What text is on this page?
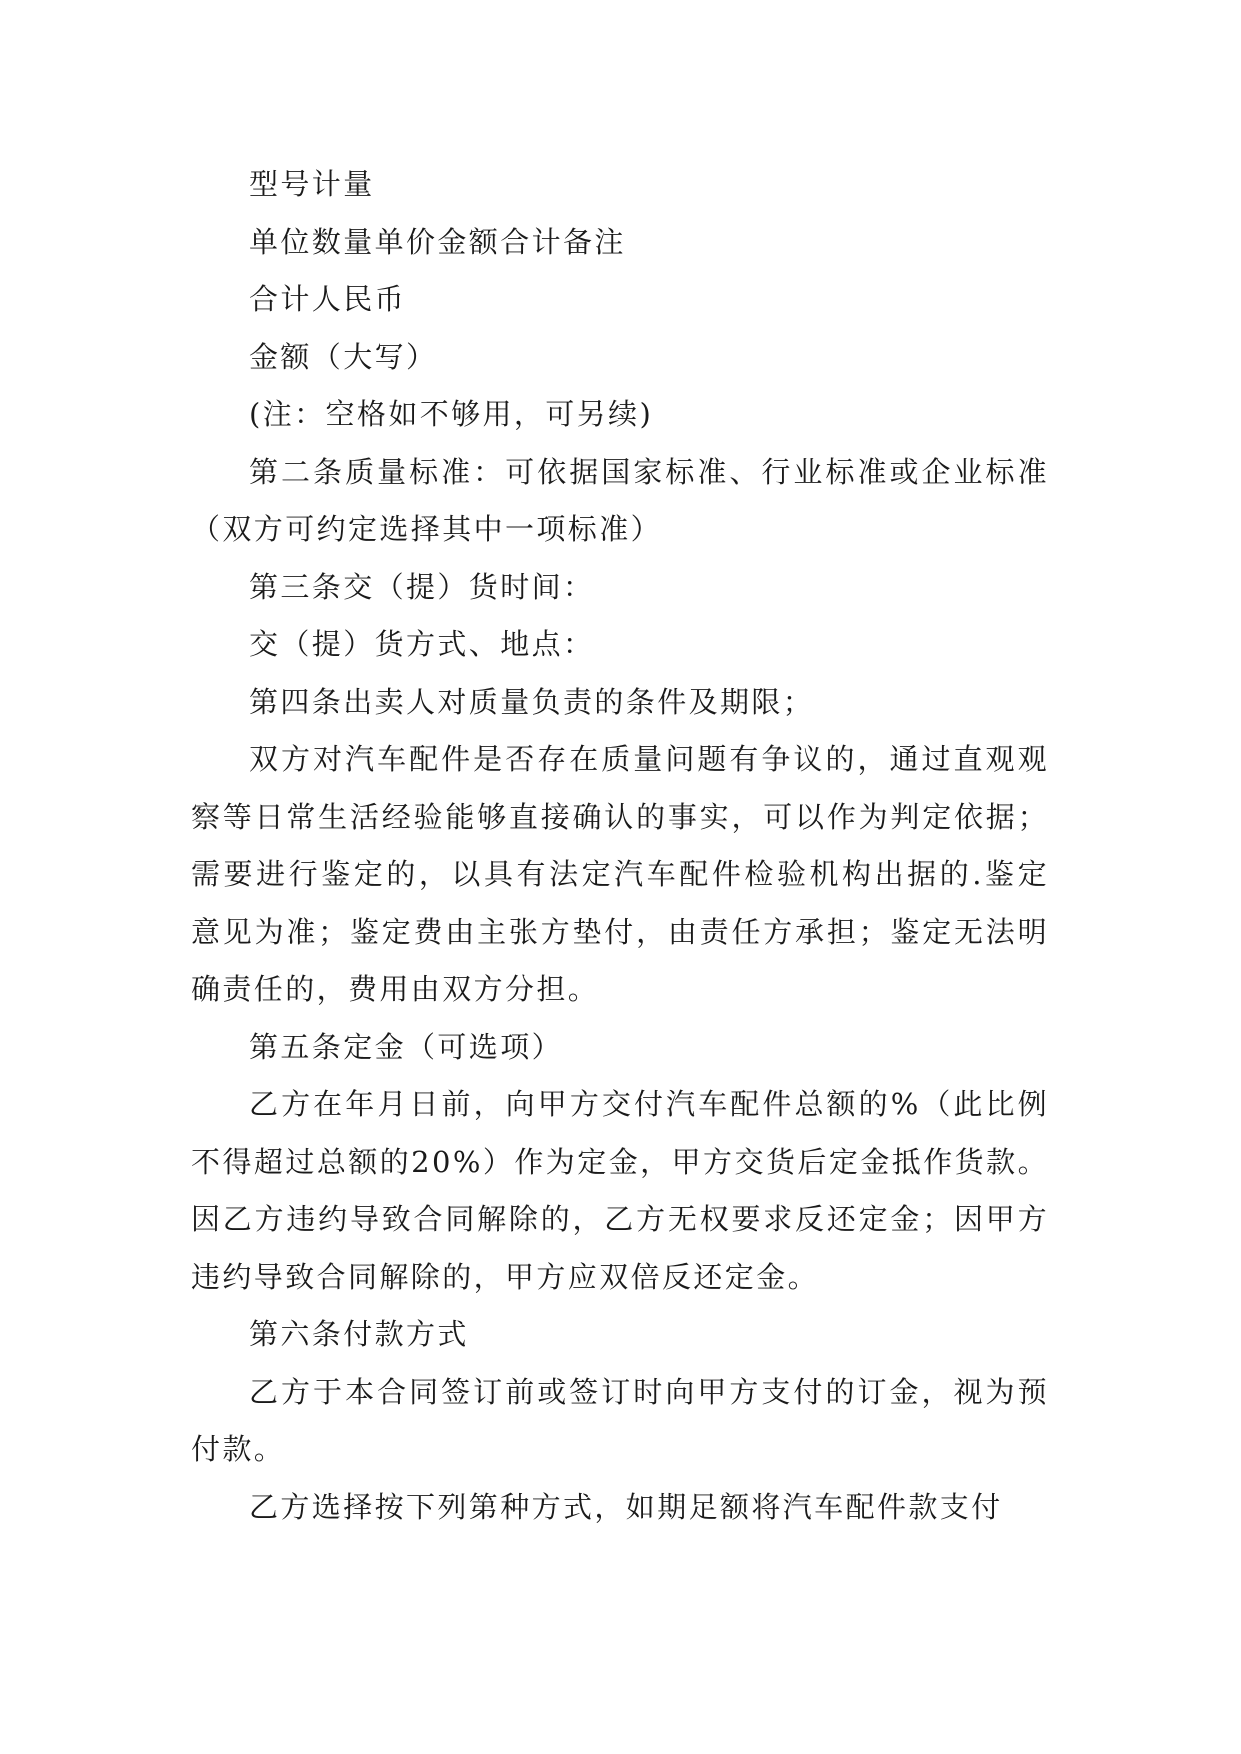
型号计量

单位数量单价金额合计备注

合计人民币

金额（大写）

(注：空格如不够用，可另续)

第二条质量标准：可依据国家标准、行业标准或企业标准（双方可约定选择其中一项标准）

第三条交（提）货时间：

交（提）货方式、地点：

第四条出卖人对质量负责的条件及期限；

双方对汽车配件是否存在质量问题有争议的，通过直观观察等日常生活经验能够直接确认的事实，可以作为判定依据；需要进行鉴定的，以具有法定汽车配件检验机构出据的.鉴定意见为准；鉴定费由主张方垫付，由责任方承担；鉴定无法明确责任的，费用由双方分担。

第五条定金（可选项）

乙方在年月日前，向甲方交付汽车配件总额的%（此比例不得超过总额的20%）作为定金，甲方交货后定金抵作货款。因乙方违约导致合同解除的，乙方无权要求反还定金；因甲方违约导致合同解除的，甲方应双倍反还定金。

第六条付款方式

乙方于本合同签订前或签订时向甲方支付的订金，视为预付款。

乙方选择按下列第种方式，如期足额将汽车配件款支付
